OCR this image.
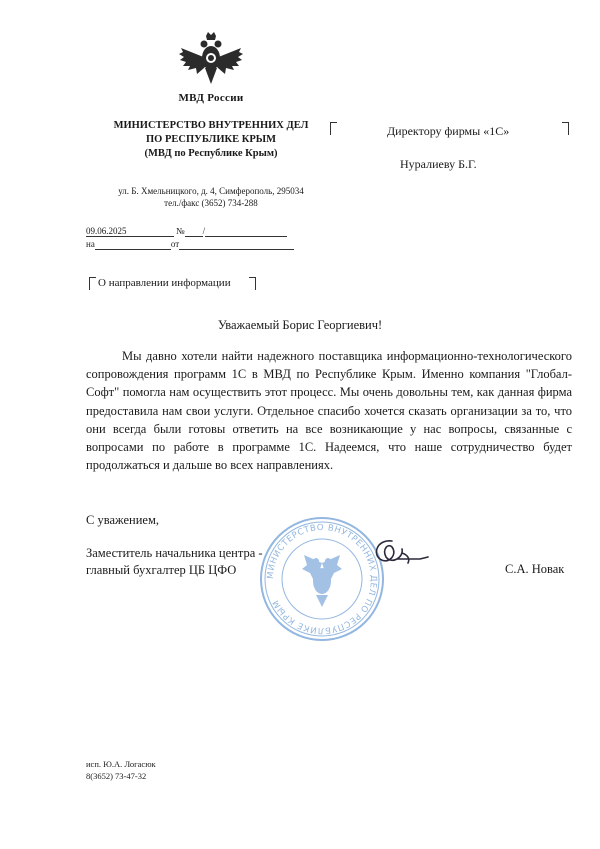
МВД России
МИНИСТЕРСТВО ВНУТРЕННИХ ДЕЛ
ПО РЕСПУБЛИКЕ КРЫМ
(МВД по Республике Крым)
ул. Б. Хмельницкого, д. 4, Симферополь, 295034
тел./факс (3652) 734-288
09.06.2025	№ /
на	от
Директору фирмы «1С»
Нуралиеву Б.Г.
О направлении информации
Уважаемый Борис Георгиевич!
Мы давно хотели найти надежного поставщика информационно-технологического сопровождения программ 1С в МВД по Республике Крым. Именно компания "Глобал-Софт" помогла нам осуществить этот процесс. Мы очень довольны тем, как данная фирма предоставила нам свои услуги. Отдельное спасибо хочется сказать организации за то, что они всегда были готовы ответить на все возникающие у нас вопросы, связанные с вопросами по работе в программе 1С. Надеемся, что наше сотрудничество будет продолжаться и дальше во всех направлениях.
С уважением,
МИНИСТЕРСТВО ВНУТРЕННИХ ДЕЛ ПО РЕСПУБЛИКЕ КРЫМ
Заместитель начальника центра -
главный бухгалтер ЦБ ЦФО	С.А. Новак
исп. Ю.А. Логасюк
8(3652) 73-47-32
